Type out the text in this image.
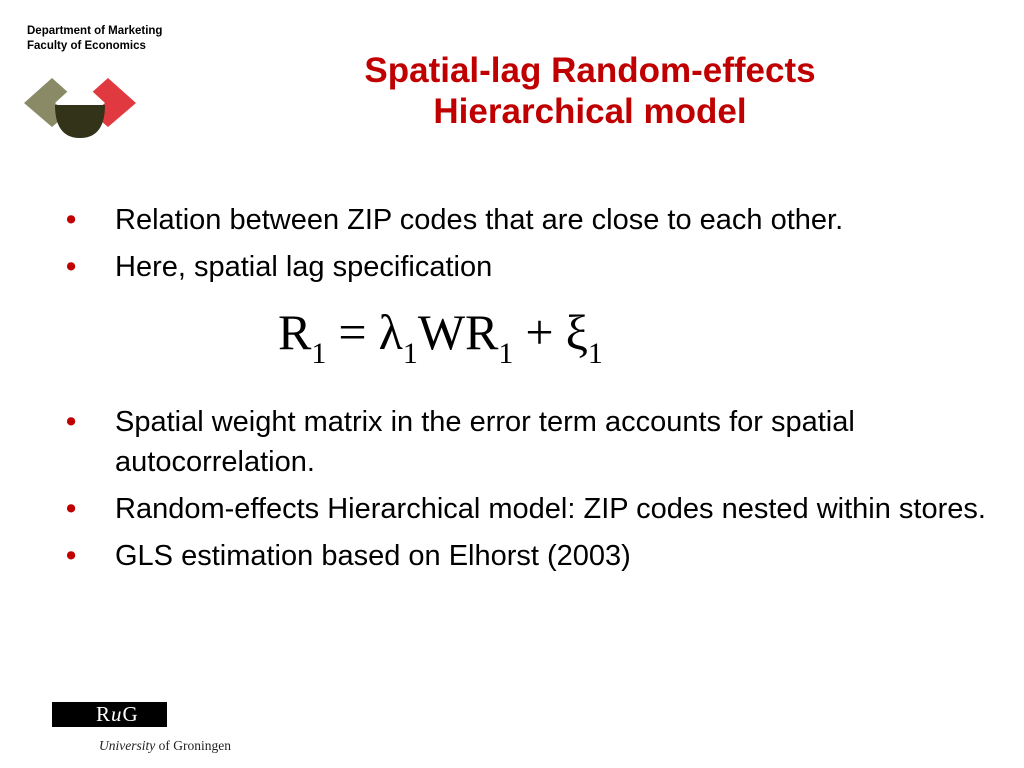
Department of Marketing
Faculty of Economics
Spatial-lag Random-effects
Hierarchical model
• Relation between ZIP codes that are close to each other.
• Here, spatial lag specification
$R_1 = \lambda_1WR_1 + \xi_1$
• Spatial weight matrix in the error term accounts for spatial autocorrelation.
• Random-effects Hierarchical model: ZIP codes nested within stores.
• GLS estimation based on Elhorst (2003)
RuG
University of Groningen
